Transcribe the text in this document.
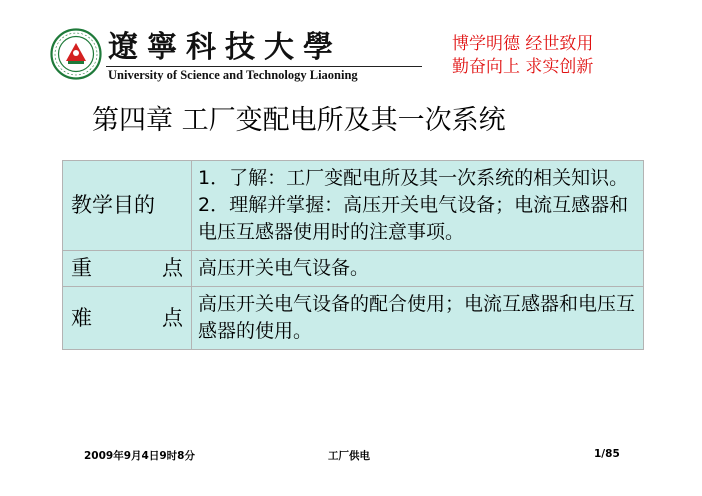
遼寧科技大學
University of Science and Technology Liaoning
博学明德 经世致用
勤奋向上 求实创新
第四章 工厂变配电所及其一次系统
教学目的	1．了解：工厂变配电所及其一次系统的相关知识。
2．理解并掌握：高压开关电气设备；电流互感器和电压互感器使用时的注意事项。

重　　点	高压开关电气设备。

难　　点	高压开关电气设备的配合使用；电流互感器和电压互感器的使用。
2009年9月4日9时8分	工厂供电	1/85
